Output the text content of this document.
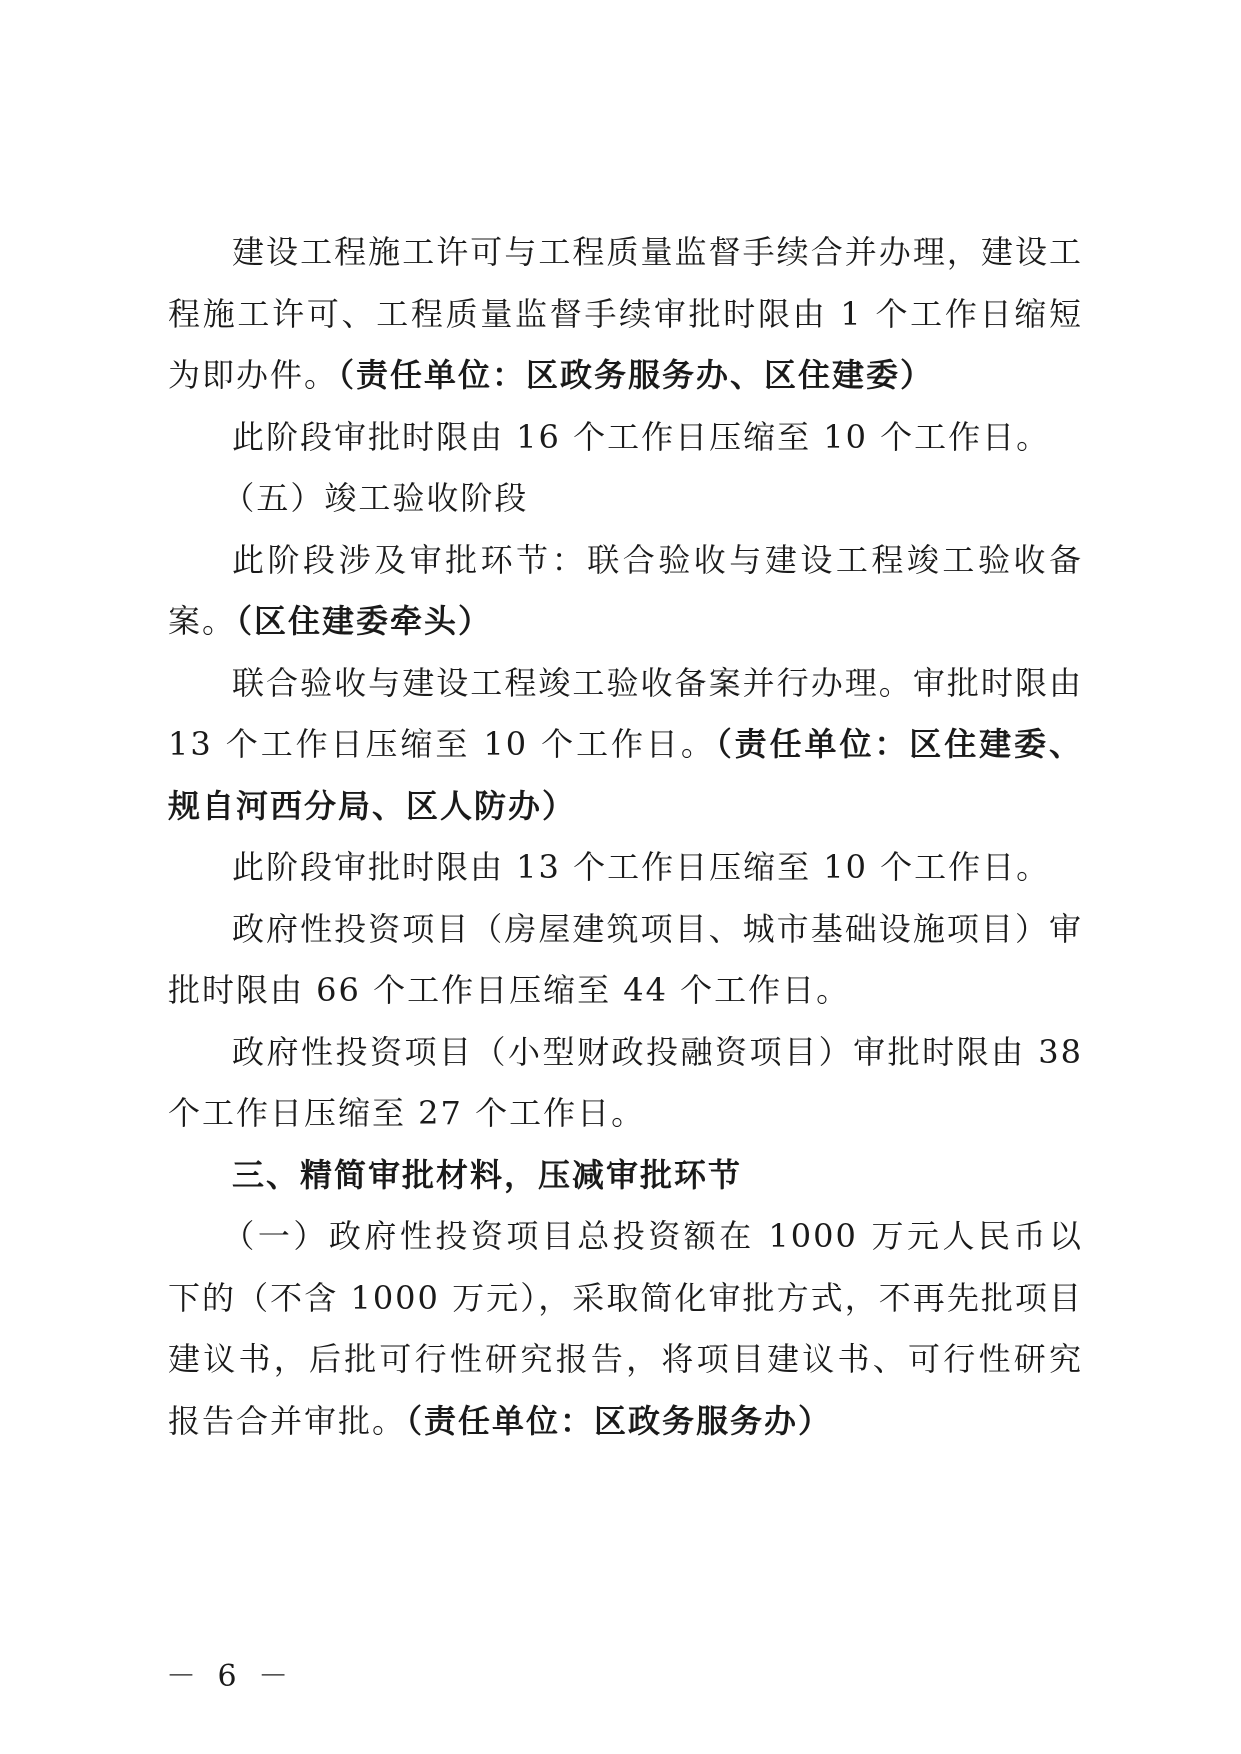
建设工程施工许可与工程质量监督手续合并办理，建设工程施工许可、工程质量监督手续审批时限由 1 个工作日缩短为即办件。（责任单位：区政务服务办、区住建委）

此阶段审批时限由 16 个工作日压缩至 10 个工作日。

（五）竣工验收阶段

此阶段涉及审批环节：联合验收与建设工程竣工验收备案。（区住建委牵头）

联合验收与建设工程竣工验收备案并行办理。审批时限由 13 个工作日压缩至 10 个工作日。（责任单位：区住建委、规自河西分局、区人防办）

此阶段审批时限由 13 个工作日压缩至 10 个工作日。

政府性投资项目（房屋建筑项目、城市基础设施项目）审批时限由 66 个工作日压缩至 44 个工作日。

政府性投资项目（小型财政投融资项目）审批时限由 38 个工作日压缩至 27 个工作日。

三、精简审批材料，压减审批环节

（一）政府性投资项目总投资额在 1000 万元人民币以下的（不含 1000 万元），采取简化审批方式，不再先批项目建议书，后批可行性研究报告，将项目建议书、可行性研究报告合并审批。（责任单位：区政务服务办）

－ 6 －
